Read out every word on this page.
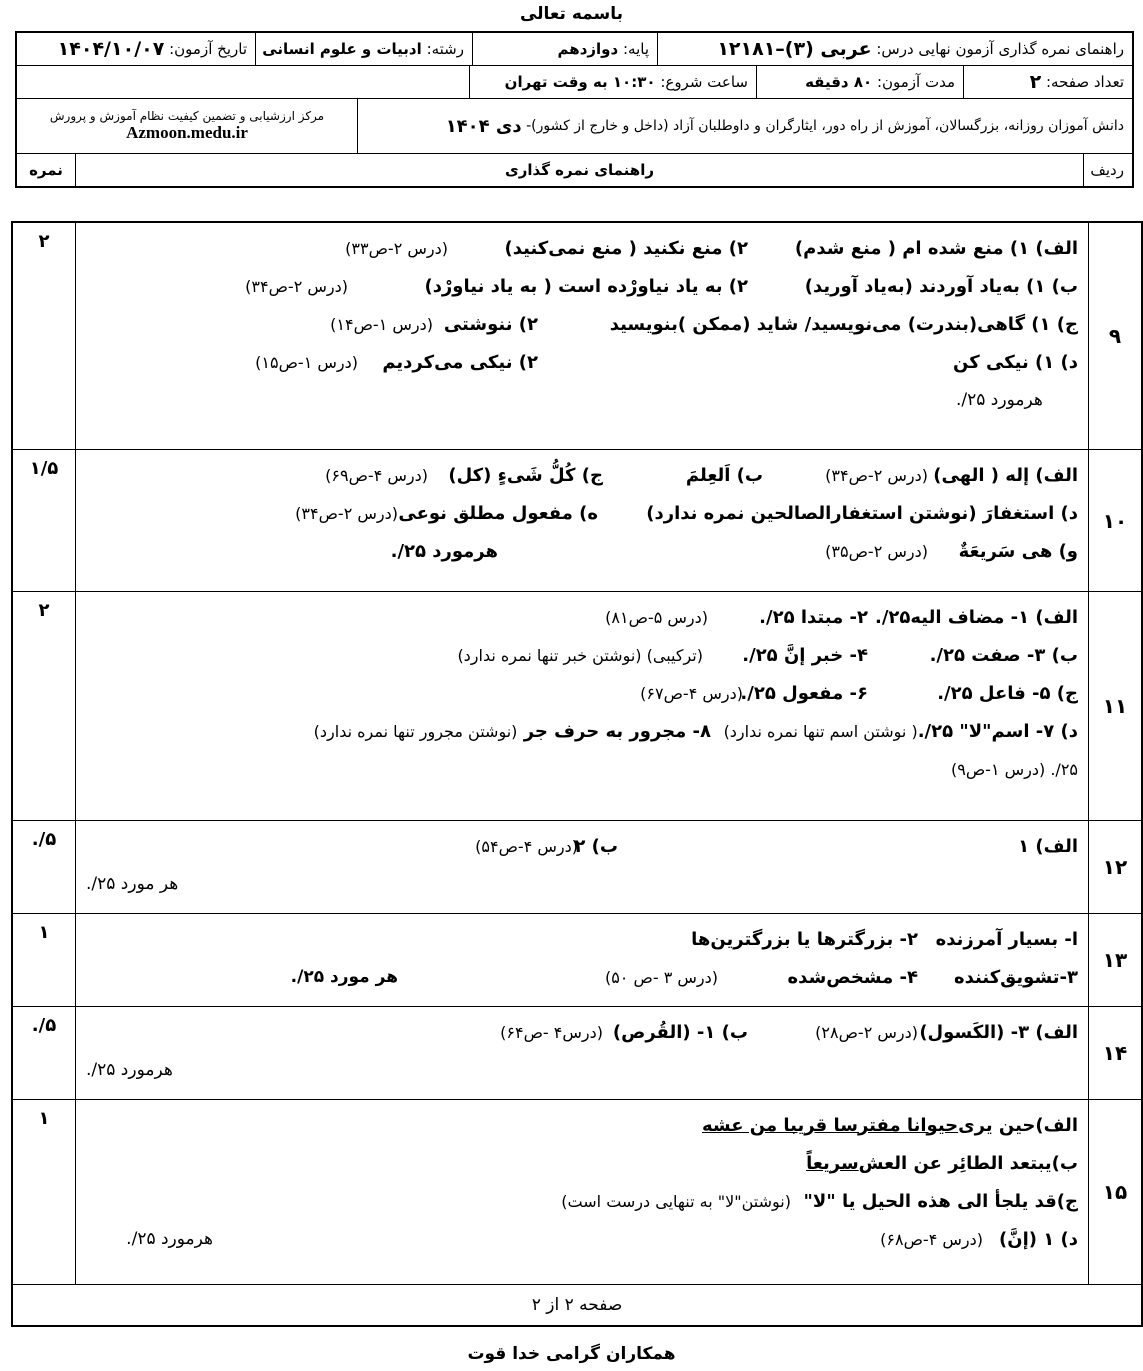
باسمه تعالی
راهنمای نمره گذاری آزمون نهایی درس:

عربی (۳)–۱۲۱۸۱
پایه:

دوازدهم
رشته:

ادبیات و علوم انسانی
تاریخ آزمون:

۱۴۰۴/۱۰/۰۷
تعداد صفحه:

۲
مدت آزمون:

۸۰ دقیقه
ساعت شروع:

۱۰:۳۰ به وقت تهران
دانش آموزان روزانه، بزرگسالان، آموزش از راه دور، ایثارگران و داوطلبان آزاد (داخل و خارج از کشور)-

دی ۱۴۰۴
مرکز ارزشیابی و تضمین کیفیت نظام آموزش و پرورش
Azmoon.medu.ir
ردیف
راهنمای نمره گذاری
نمره
۹
الف) ۱) منع شده ام ( منع شدم)
۲) منع نکنید ( منع نمی‌کنید)
(درس ۲-ص۳۳)
ب) ۱) به‌یاد آوردند (به‌یاد آورید)
۲) به یاد نیاورْده است ( به یاد نیاورْد)
(درس ۲-ص۳۴)
ج) ۱) گاهی(بندرت) می‌نویسید/ شاید (ممکن )بنویسید
۲) ننوشتی
(درس ۱-ص۱۴)
د) ۱) نیکی کن
۲) نیکی می‌کردیم
(درس ۱-ص۱۵)
هرمورد ۲۵/.
۲
۱۰
الف) إله ( الهی)
(درس ۲-ص۳۴)
ب) اَلعِلمَ
ج) کُلُّ شَیءٍ (کل)
(درس ۴-ص۶۹)
د) استغفارَ (نوشتن استغفارالصالحین نمره ندارد)
ه) مفعول مطلق نوعی
(درس ۲-ص۳۴)
و) هی سَریعَةٌ
(درس ۲-ص۳۵)
هرمورد ۲۵/.
۱/۵
۱۱
الف) ۱- مضاف الیه۲۵/.
۲- مبتدا ۲۵/.
(درس ۵-ص۸۱)
ب) ۳- صفت ۲۵/.
۴- خبر إنَّ ۲۵/.
(ترکیبی) (نوشتن خبر تنها نمره ندارد)
ج) ۵- فاعل ۲۵/.
۶- مفعول ۲۵/.
(درس ۴-ص۶۷)
د) ۷- اسم"لا" ۲۵/.
( نوشتن اسم تنها نمره ندارد)

۸- مجرور به حرف جر

(نوشتن مجرور تنها نمره ندارد)
۲۵/. (درس ۱-ص۹)
۲
۱۲
الف) ۱
ب) ۲
(درس ۴-ص۵۴)
هر مورد ۲۵/.
۵/.
۱۳
ا- بسیار آمرزنده
۲- بزرگترها یا بزرگترین‌ها
۳-تشویق‌کننده
۴- مشخص‌شده
(درس ۳ -ص ۵۰)
هر مورد ۲۵/.
۱
۱۴
الف) ۳- (الکَسول)
(درس ۲-ص۲۸)
ب) ۱- (القُرص)
(درس۴ -ص۶۴)
هرمورد ۲۵/.
۵/.
۱۵
الف)حین یری
حیوانا مفترسا قریبا من عشه
ب)یبتعد الطائِر عن العش
سریعاً
ج)قد یلجأ الی هذه الحیل یا "لا"

(نوشتن"لا" به تنهایی درست است)
د) ۱ (إنَّ)
(درس ۴-ص۶۸)
هرمورد ۲۵/.
۱
صفحه ۲ از ۲
همکاران گرامی خدا قوت
